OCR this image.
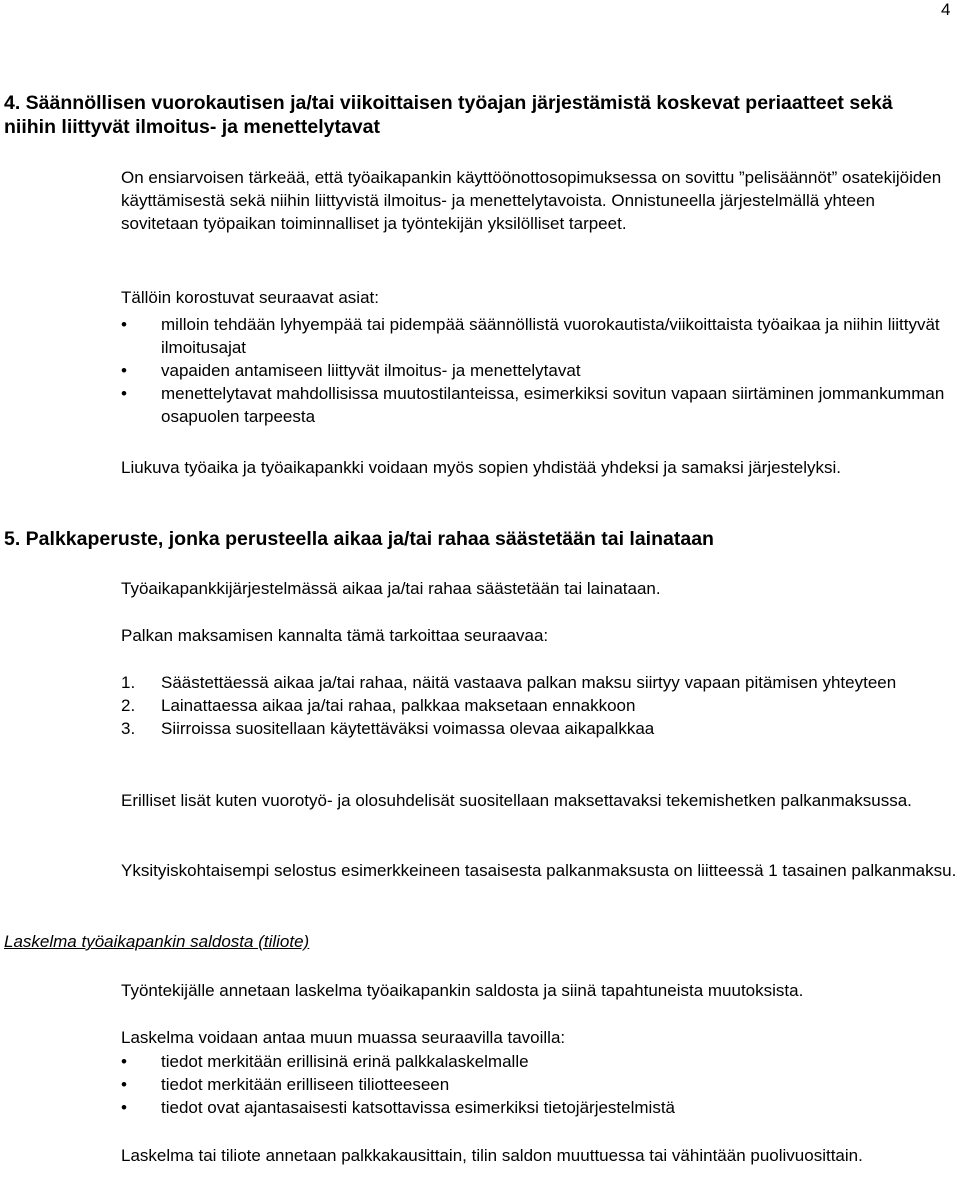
4
4. Säännöllisen vuorokautisen ja/tai viikoittaisen työajan järjestämistä koskevat periaatteet sekä niihin liittyvät ilmoitus- ja menettelytavat

On ensiarvoisen tärkeää, että työaikapankin käyttöönottosopimuksessa on sovittu ”pelisäännöt” osatekijöiden käyttämisestä sekä niihin liittyvistä ilmoitus- ja menettelytavoista. Onnistuneella järjestelmällä yhteen sovitetaan työpaikan toiminnalliset ja työntekijän yksilölliset tarpeet.

Tällöin korostuvat seuraavat asiat:

•	milloin tehdään lyhyempää tai pidempää säännöllistä vuorokautista/viikoittaista työaikaa ja niihin liittyvät ilmoitusajat
•	vapaiden antamiseen liittyvät ilmoitus- ja menettelytavat
•	menettelytavat mahdollisissa muutostilanteissa, esimerkiksi sovitun vapaan siirtäminen jommankumman osapuolen tarpeesta

Liukuva työaika ja työaikapankki voidaan myös sopien yhdistää yhdeksi ja samaksi järjestelyksi.

5. Palkkaperuste, jonka perusteella aikaa ja/tai rahaa säästetään tai lainataan

Työaikapankkijärjestelmässä aikaa ja/tai rahaa säästetään tai lainataan.

Palkan maksamisen kannalta tämä tarkoittaa seuraavaa:

1. Säästettäessä aikaa ja/tai rahaa, näitä vastaava palkan maksu siirtyy vapaan pitämisen yhteyteen
2. Lainattaessa aikaa ja/tai rahaa, palkkaa maksetaan ennakkoon
3. Siirroissa suositellaan käytettäväksi voimassa olevaa aikapalkkaa

Erilliset lisät kuten vuorotyö- ja olosuhdelisät suositellaan maksettavaksi tekemishetken palkanmaksussa.

Yksityiskohtaisempi selostus esimerkkeineen tasaisesta palkanmaksusta on liitteessä 1 tasainen palkanmaksu.

Laskelma työaikapankin saldosta (tiliote)

Työntekijälle annetaan laskelma työaikapankin saldosta ja siinä tapahtuneista muutoksista.

Laskelma voidaan antaa muun muassa seuraavilla tavoilla:

•	tiedot merkitään erillisinä erinä palkkalaskelmalle
•	tiedot merkitään erilliseen tiliotteeseen
•	tiedot ovat ajantasaisesti katsottavissa esimerkiksi tietojärjestelmistä

Laskelma tai tiliote annetaan palkkakausittain, tilin saldon muuttuessa tai vähintään puolivuosittain.
